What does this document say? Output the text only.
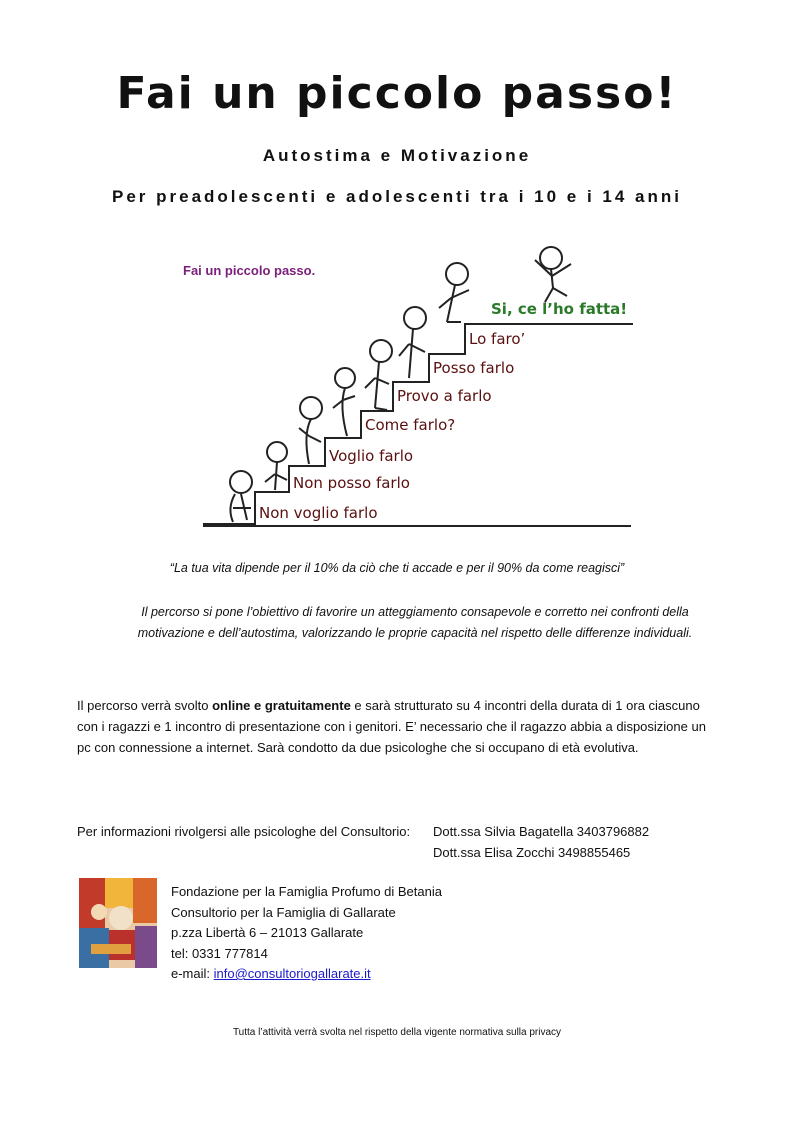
Fai un piccolo passo!
Autostima e Motivazione
Per preadolescenti e adolescenti tra i 10 e i 14 anni
Fai un piccolo passo.
Non voglio farlo
Non posso farlo
Voglio farlo
Come farlo?
Provo a farlo
Posso farlo
Lo faro’
Si, ce l’ho fatta!
“La tua vita dipende per il 10% da ciò che ti accade e per il 90% da come reagisci”
Il percorso si pone l’obiettivo di favorire un atteggiamento consapevole e corretto nei confronti della motivazione e dell’autostima, valorizzando le proprie capacità nel rispetto delle differenze individuali.
Il percorso verrà svolto online e gratuitamente e sarà strutturato su 4 incontri della durata di 1 ora ciascuno con i ragazzi e 1 incontro di presentazione con i genitori. E’ necessario che il ragazzo abbia a disposizione un pc con connessione a internet. Sarà condotto da due psicologhe che si occupano di età evolutiva.
Per informazioni rivolgersi alle psicologhe del Consultorio: Dott.ssa Silvia Bagatella 3403796882
Dott.ssa Elisa Zocchi 3498855465
Fondazione per la Famiglia Profumo di Betania
Consultorio per la Famiglia di Gallarate
p.zza Libertà 6 – 21013 Gallarate
tel: 0331 777814
e-mail: info@consultoriogallarate.it
Tutta l’attività verrà svolta nel rispetto della vigente normativa sulla privacy
